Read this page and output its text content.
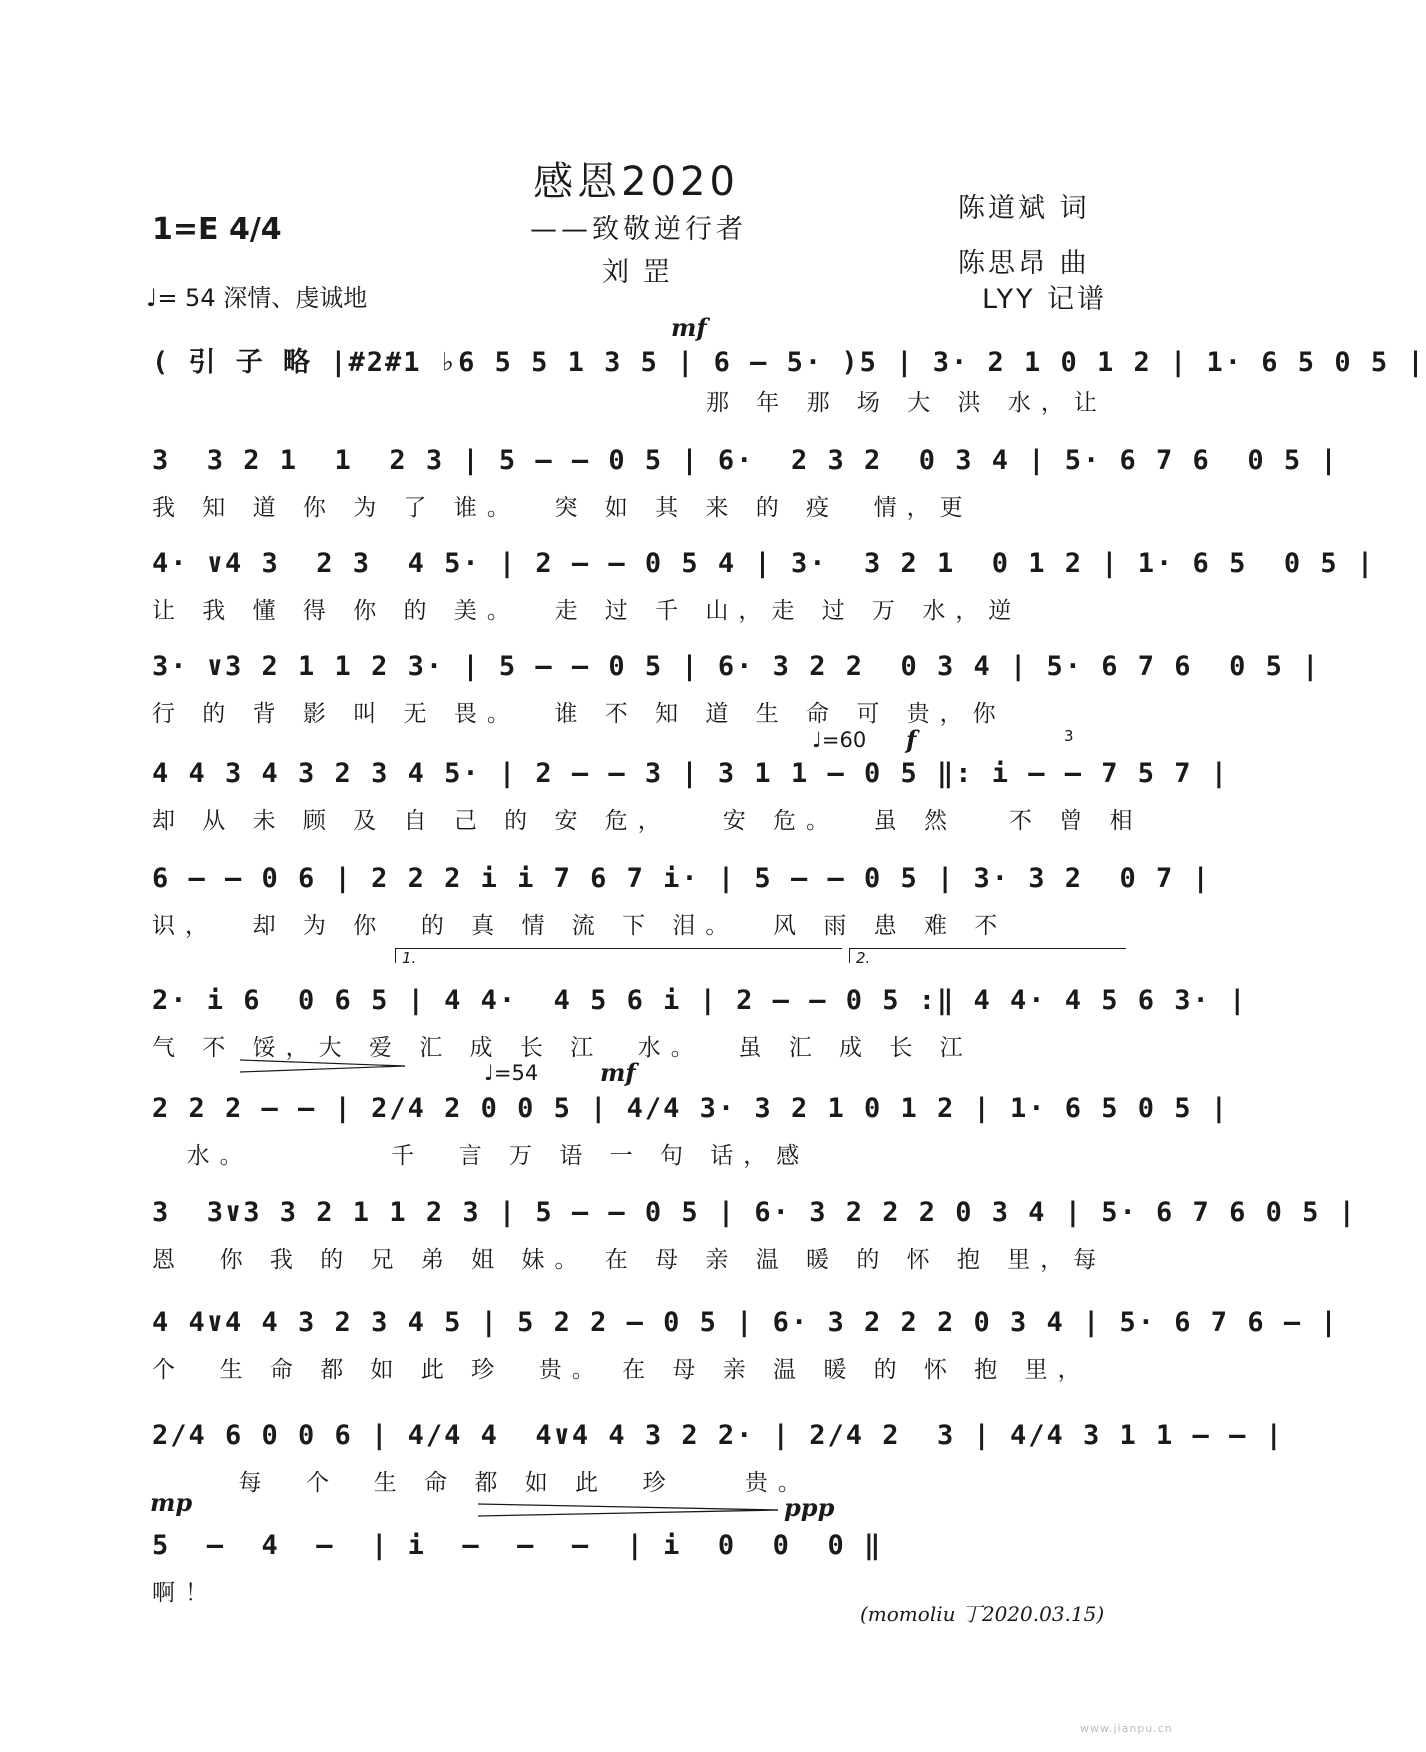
感恩2020
——致敬逆行者
刘罡
1=E 4/4
♩= 54 深情、虔诚地
陈道斌 词
陈思昂 曲
LYY 记谱
mf
♩=60 f	3
1.	2.
♩=54	mf
mp	ppp
( 引 子 略 |#2#1 ♭6 5 5 1 3 5 | 6 – 5· )5 | 3· 2 1 0 1 2 | 1· 6 5 0 5 |
那 年 那 场 大 洪 水，让
3  3 2 1  1  2 3 | 5 – – 0 5 | 6·  2 3 2  0 3 4 | 5· 6 7 6  0 5 |
我 知 道 你 为 了 谁。  突 如 其 来 的 疫  情，更
4· ∨4 3  2 3  4 5· | 2 – – 0 5 4 | 3·  3 2 1  0 1 2 | 1· 6 5  0 5 |
让 我 懂 得 你 的 美。  走 过 千 山，走 过 万 水，逆
3· ∨3 2 1 1 2 3· | 5 – – 0 5 | 6· 3 2 2  0 3 4 | 5· 6 7 6  0 5 |
行 的 背 影 叫 无 畏。  谁 不 知 道 生 命 可 贵，你
4 4 3 4 3 2 3 4 5· | 2 – – 3 | 3 1 1 – 0 5 ‖: i – – 7 5 7 |
却 从 未 顾 及 自 己 的 安 危，   安 危。  虽 然   不 曾 相
6 – – 0 6 | 2 2 2 i i 7 6 7 i· | 5 – – 0 5 | 3· 3 2  0 7 |
识，  却 为 你  的 真 情 流 下 泪。  风 雨 患 难 不
2· i 6  0 6 5 | 4 4·  4 5 6 i | 2 – – 0 5 :‖ 4 4· 4 5 6 3· |
气 不 馁，大 爱 汇 成 长 江  水。  虽 汇 成 长 江
2 2 2 – – | 2/4 2 0 0 5 | 4/4 3· 3 2 1 0 1 2 | 1· 6 5 0 5 |
水。        千  言 万 语 一 句 话，感
3  3∨3 3 2 1 1 2 3 | 5 – – 0 5 | 6· 3 2 2 2 0 3 4 | 5· 6 7 6 0 5 |
恩  你 我 的 兄 弟 姐 妹。 在 母 亲 温 暖 的 怀 抱 里，每
4 4∨4 4 3 2 3 4 5 | 5 2 2 – 0 5 | 6· 3 2 2 2 0 3 4 | 5· 6 7 6 – |
个  生 命 都 如 此 珍  贵。 在 母 亲 温 暖 的 怀 抱 里，
2/4 6 0 0 6 | 4/4 4  4∨4 4 3 2 2· | 2/4 2  3 | 4/4 3 1 1 – – |
每  个  生 命 都 如 此  珍    贵。
5  –  4  –  | i  –  –  –  | i  0  0  0 ‖
啊！
(momoliu 丁2020.03.15)
www.jianpu.cn
